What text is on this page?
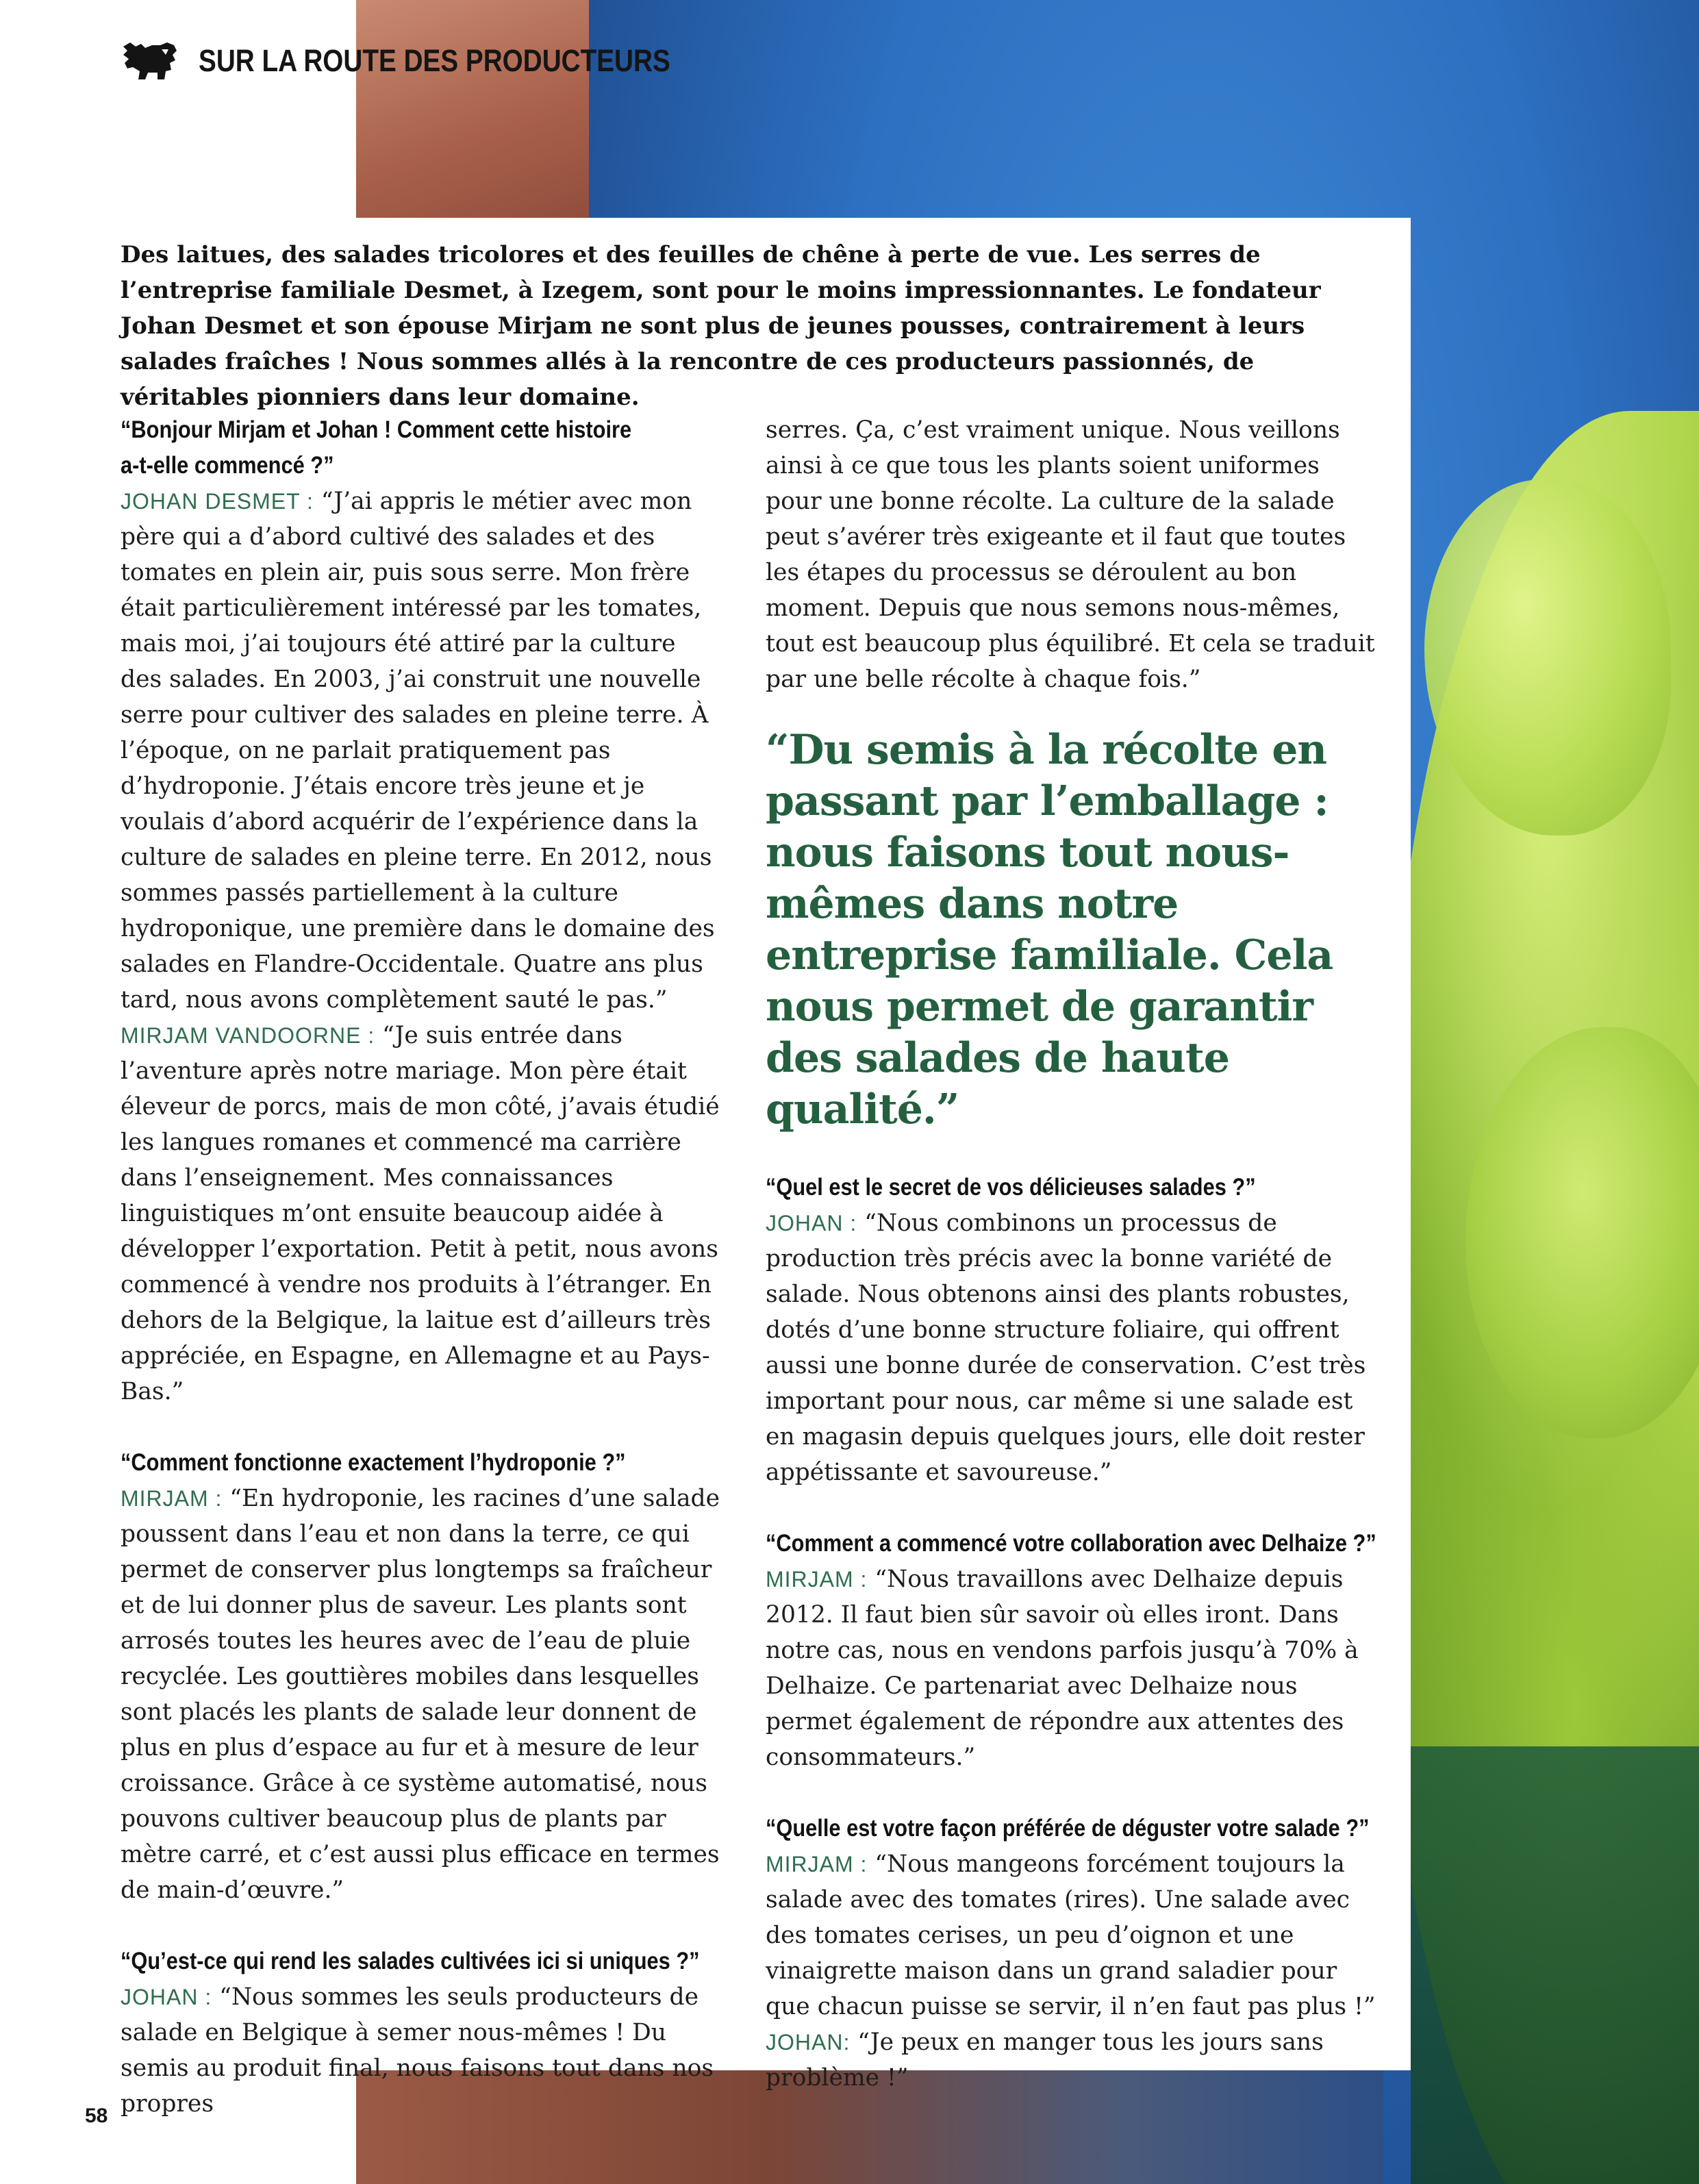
SUR LA ROUTE DES PRODUCTEURS
Des laitues, des salades tricolores et des feuilles de chêne à perte de vue. Les serres de l’entreprise familiale Desmet, à Izegem, sont pour le moins impressionnantes. Le fondateur Johan Desmet et son épouse Mirjam ne sont plus de jeunes pousses, contrairement à leurs salades fraîches ! Nous sommes allés à la rencontre de ces producteurs passionnés, de véritables pionniers dans leur domaine.
“Bonjour Mirjam et Johan ! Comment cette histoire
a-t-elle commencé ?”

JOHAN DESMET : “J’ai appris le métier avec mon père qui a d’abord cultivé des salades et des tomates en plein air, puis sous serre. Mon frère était particulièrement intéressé par les tomates, mais moi, j’ai toujours été attiré par la culture des salades. En 2003, j’ai construit une nouvelle serre pour cultiver des salades en pleine terre. À l’époque, on ne parlait pratiquement pas d’hydroponie. J’étais encore très jeune et je voulais d’abord acquérir de l’expérience dans la culture de salades en pleine terre. En 2012, nous sommes passés partiellement à la culture hydroponique, une première dans le domaine des salades en Flandre-Occidentale. Quatre ans plus tard, nous avons complètement sauté le pas.”

MIRJAM VANDOORNE : “Je suis entrée dans l’aventure après notre mariage. Mon père était éleveur de porcs, mais de mon côté, j’avais étudié les langues romanes et commencé ma carrière dans l’enseignement. Mes connaissances linguistiques m’ont ensuite beaucoup aidée à développer l’exportation. Petit à petit, nous avons commencé à vendre nos produits à l’étranger. En dehors de la Belgique, la laitue est d’ailleurs très appréciée, en Espagne, en Allemagne et au Pays-Bas.”

“Comment fonctionne exactement l’hydroponie ?”

MIRJAM : “En hydroponie, les racines d’une salade poussent dans l’eau et non dans la terre, ce qui permet de conserver plus longtemps sa fraîcheur et de lui donner plus de saveur. Les plants sont arrosés toutes les heures avec de l’eau de pluie recyclée. Les gouttières mobiles dans lesquelles sont placés les plants de salade leur donnent de plus en plus d’espace au fur et à mesure de leur croissance. Grâce à ce système automatisé, nous pouvons cultiver beaucoup plus de plants par mètre carré, et c’est aussi plus efficace en termes de main-d’œuvre.”

“Qu’est-ce qui rend les salades cultivées ici si uniques ?”

JOHAN : “Nous sommes les seuls producteurs de salade en Belgique à semer nous-mêmes ! Du semis au produit final, nous faisons tout dans nos propres

serres. Ça, c’est vraiment unique. Nous veillons ainsi à ce que tous les plants soient uniformes pour une bonne récolte. La culture de la salade peut s’avérer très exigeante et il faut que toutes les étapes du processus se déroulent au bon moment. Depuis que nous semons nous-mêmes, tout est beaucoup plus équilibré. Et cela se traduit par une belle récolte à chaque fois.”

“Du semis à la récolte en passant par l’emballage : nous faisons tout nous-mêmes dans notre entreprise familiale. Cela nous permet de garantir des salades de haute qualité.”
“Quel est le secret de vos délicieuses salades ?”

JOHAN : “Nous combinons un processus de production très précis avec la bonne variété de salade. Nous obtenons ainsi des plants robustes, dotés d’une bonne structure foliaire, qui offrent aussi une bonne durée de conservation. C’est très important pour nous, car même si une salade est en magasin depuis quelques jours, elle doit rester appétissante et savoureuse.”

“Comment a commencé votre collaboration avec Delhaize ?”

MIRJAM : “Nous travaillons avec Delhaize depuis 2012. Il faut bien sûr savoir où elles iront. Dans notre cas, nous en vendons parfois jusqu’à 70% à Delhaize. Ce partenariat avec Delhaize nous permet également de répondre aux attentes des consommateurs.”

“Quelle est votre façon préférée de déguster votre salade ?”

MIRJAM : “Nous mangeons forcément toujours la salade avec des tomates (rires). Une salade avec des tomates cerises, un peu d’oignon et une vinaigrette maison dans un grand saladier pour que chacun puisse se servir, il n’en faut pas plus !”

JOHAN: “Je peux en manger tous les jours sans problème !”

58
